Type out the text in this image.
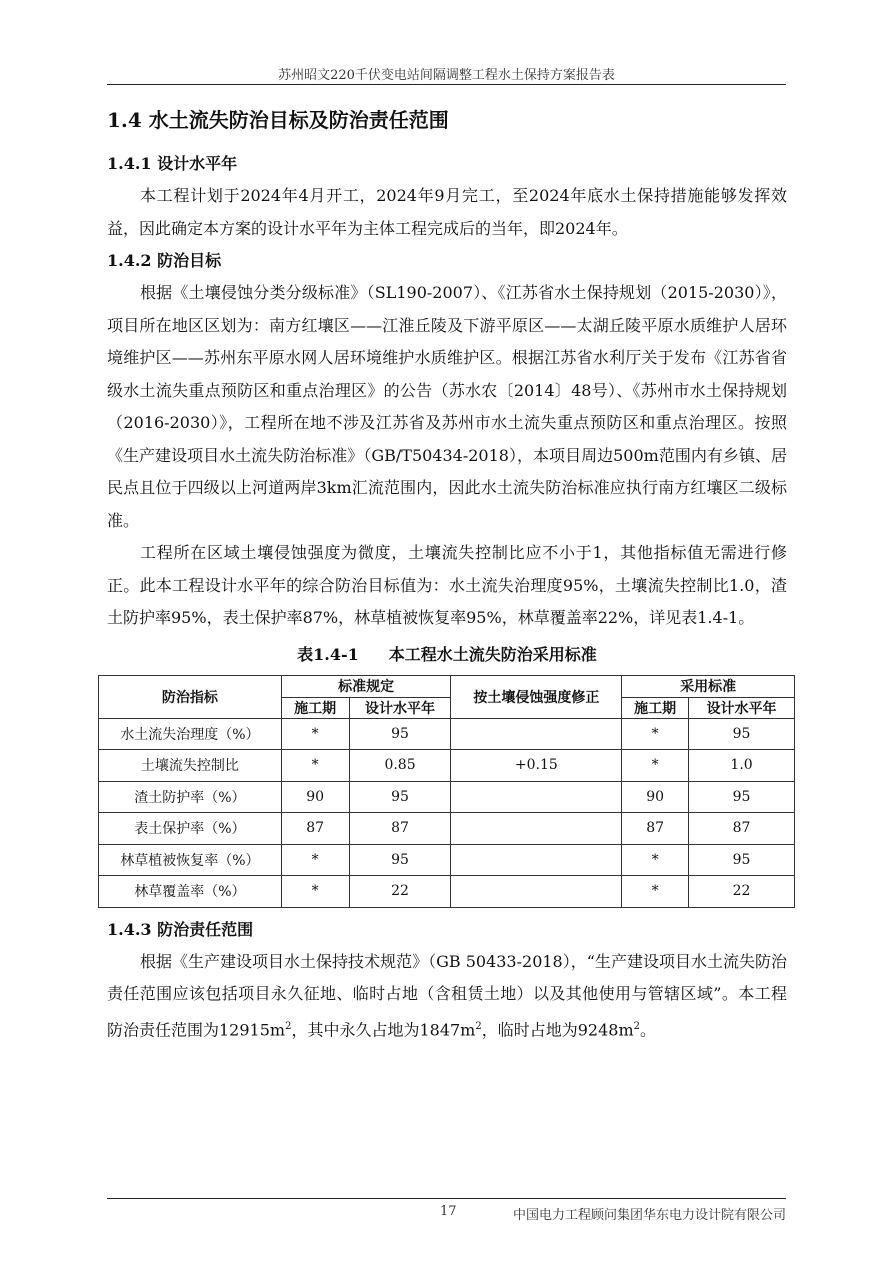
苏州昭文220千伏变电站间隔调整工程水土保持方案报告表
1.4 水土流失防治目标及防治责任范围
1.4.1 设计水平年

本工程计划于2024年4月开工，2024年9月完工，至2024年底水土保持措施能够发挥效益，因此确定本方案的设计水平年为主体工程完成后的当年，即2024年。

1.4.2 防治目标

根据《土壤侵蚀分类分级标准》（SL190-2007）、《江苏省水土保持规划（2015-2030）》，项目所在地区区划为：南方红壤区——江淮丘陵及下游平原区——太湖丘陵平原水质维护人居环境维护区——苏州东平原水网人居环境维护水质维护区。根据江苏省水利厅关于发布《江苏省省级水土流失重点预防区和重点治理区》的公告（苏水农〔2014〕48号）、《苏州市水土保持规划（2016-2030）》，工程所在地不涉及江苏省及苏州市水土流失重点预防区和重点治理区。按照《生产建设项目水土流失防治标准》（GB/T50434-2018），本项目周边500m范围内有乡镇、居民点且位于四级以上河道两岸3km汇流范围内，因此水土流失防治标准应执行南方红壤区二级标准。

工程所在区域土壤侵蚀强度为微度，土壤流失控制比应不小于1，其他指标值无需进行修正。此本工程设计水平年的综合防治目标值为：水土流失治理度95%，土壤流失控制比1.0，渣土防护率95%，表土保护率87%，林草植被恢复率95%，林草覆盖率22%，详见表1.4-1。

表1.4-1 本工程水土流失防治采用标准
防治指标	标准规定		按土壤侵蚀强度修正	采用标准	
	施工期	设计水平年		施工期	设计水平年
水土流失治理度（%）	*	95		*	95
土壤流失控制比	*	0.85	+0.15	*	1.0
渣土防护率（%）	90	95		90	95
表土保护率（%）	87	87		87	87
林草植被恢复率（%）	*	95		*	95
林草覆盖率（%）	*	22		*	22
1.4.3 防治责任范围

根据《生产建设项目水土保持技术规范》（GB 50433-2018），“生产建设项目水土流失防治责任范围应该包括项目永久征地、临时占地（含租赁土地）以及其他使用与管辖区域”。本工程防治责任范围为$12915m^2$，其中永久占地为$1847m^2$，临时占地为$9248m^2$。

17	中国电力工程顾问集团华东电力设计院有限公司
